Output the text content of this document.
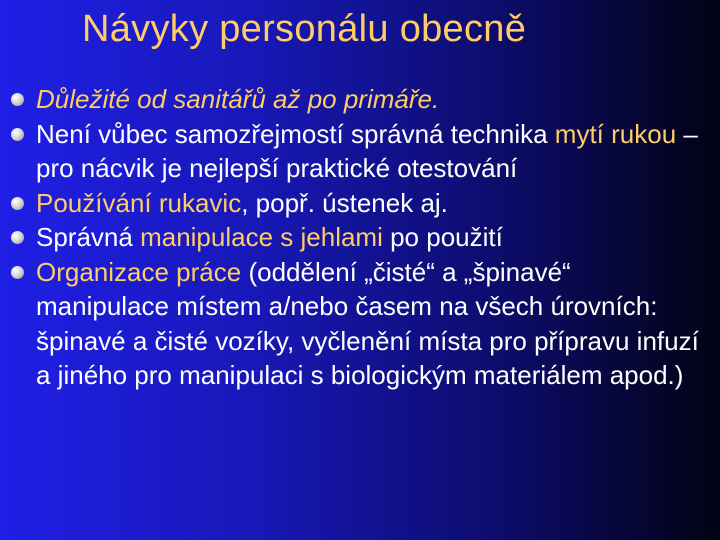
Návyky personálu obecně
Důležité od sanitářů až po primáře.
Není vůbec samozřejmostí správná technika mytí rukou – pro nácvik je nejlepší praktické otestování
Používání rukavic, popř. ústenek aj.
Správná manipulace s jehlami po použití
Organizace práce (oddělení „čisté“ a „špinavé“ manipulace místem a/nebo časem na všech úrovních: špinavé a čisté vozíky, vyčlenění místa pro přípravu infuzí a jiného pro manipulaci s biologickým materiálem apod.)
